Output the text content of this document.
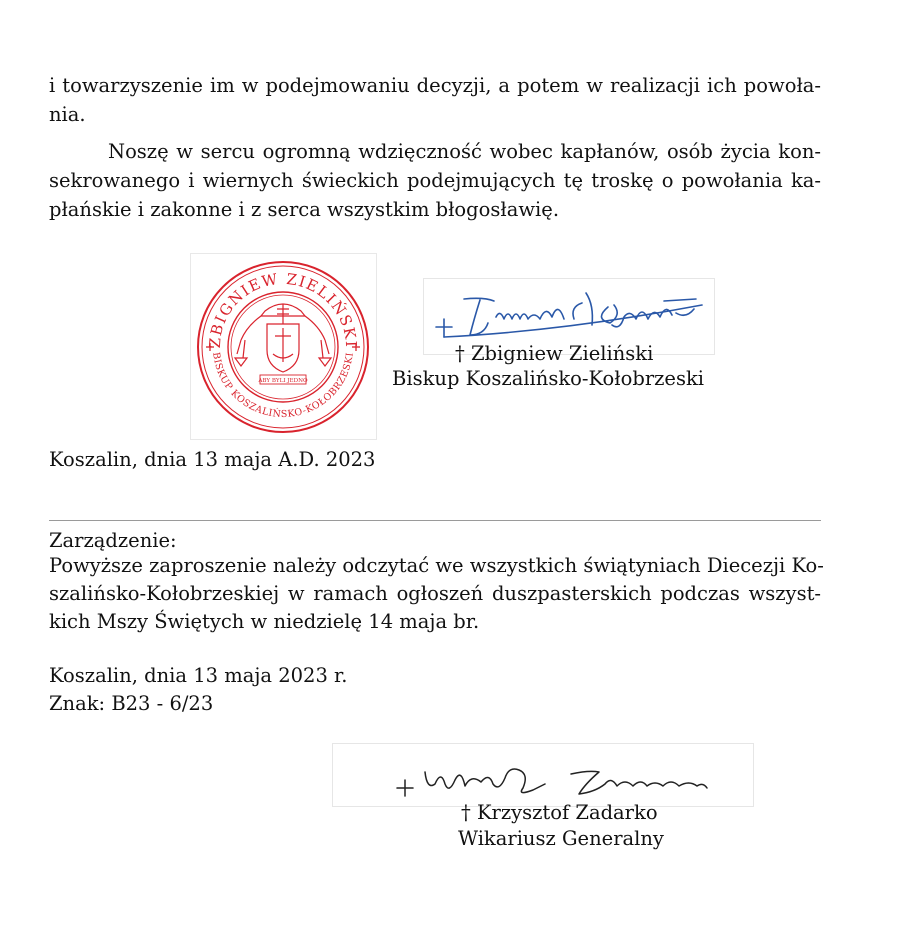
i towarzyszenie im w podejmowaniu decyzji, a potem w realizacji ich powoła-
nia.
Noszę w sercu ogromną wdzięczność wobec kapłanów, osób życia kon-
sekrowanego i wiernych świeckich podejmujących tę troskę o powołania ka-
płańskie i zakonne i z serca wszystkim błogosławię.
ZBIGNIEW ZIELIŃSKI
BISKUP KOSZALIŃSKO-KOŁOBRZESKI
ABY BYLI JEDNO
Zbigniew Zieliński
† Zbigniew Zieliński
Biskup Koszalińsko-Kołobrzeski
Koszalin, dnia 13 maja A.D. 2023
Zarządzenie:
Powyższe zaproszenie należy odczytać we wszystkich świątyniach Diecezji Ko-
szalińsko-Kołobrzeskiej w ramach ogłoszeń duszpasterskich podczas wszyst-
kich Mszy Świętych w niedzielę 14 maja br.
Koszalin, dnia 13 maja 2023 r.
Znak: B23 - 6/23
Krzysztof Zadarko
† Krzysztof Zadarko
Wikariusz Generalny
